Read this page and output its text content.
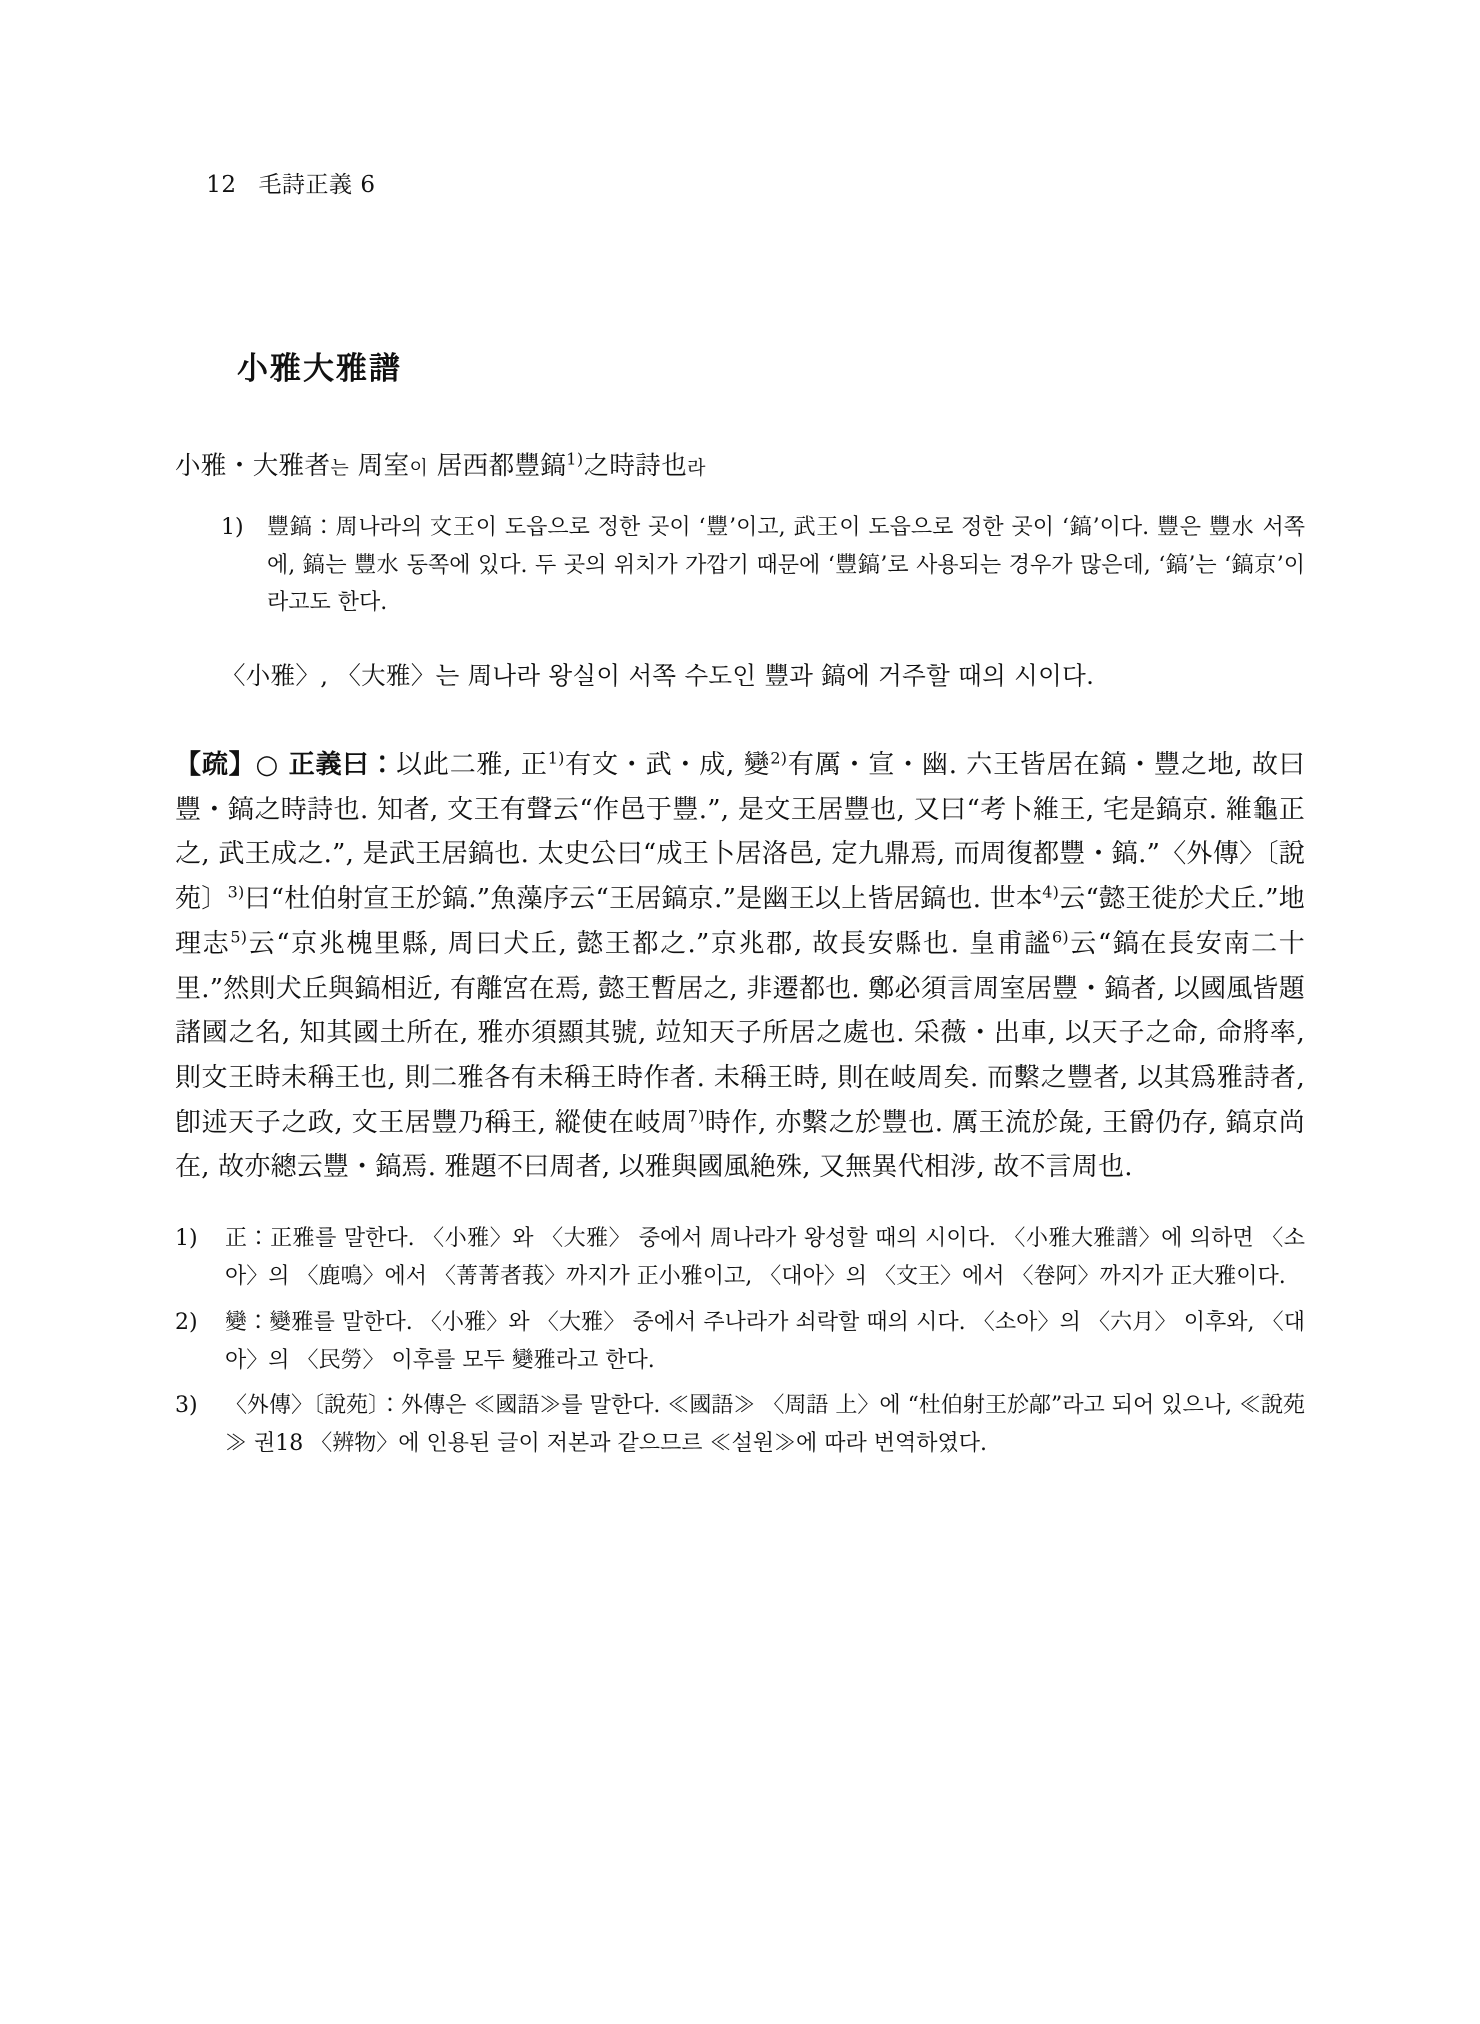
12 毛詩正義 6

小雅大雅譜
小雅・大雅者는 周室이 居西都豐鎬$^{1)}$之時詩也라
1) 豐鎬：周나라의 文王이 도읍으로 정한 곳이 ‘豐’이고, 武王이 도읍으로 정한 곳이 ‘鎬’이다. 豐은 豐水 서쪽에, 鎬는 豐水 동쪽에 있다. 두 곳의 위치가 가깝기 때문에 ‘豐鎬’로 사용되는 경우가 많은데, ‘鎬’는 ‘鎬京’이라고도 한다.
〈小雅〉, 〈大雅〉는 周나라 왕실이 서쪽 수도인 豐과 鎬에 거주할 때의 시이다.
【疏】○ 正義曰：以此二雅, 正$^{1)}$有文・武・成, 變$^{2)}$有厲・宣・幽. 六王皆居在鎬・豐之地, 故曰豐・鎬之時詩也. 知者, 文王有聲云“作邑于豐.”, 是文王居豐也, 又曰“考卜維王, 宅是鎬京. 維龜正之, 武王成之.”, 是武王居鎬也. 太史公曰“成王卜居洛邑, 定九鼎焉, 而周復都豐・鎬.”〈外傳〉〔說苑〕$^{3)}$曰“杜伯射宣王於鎬.”魚藻序云“王居鎬京.”是幽王以上皆居鎬也. 世本$^{4)}$云“懿王徙於犬丘.”地理志$^{5)}$云“京兆槐里縣, 周曰犬丘, 懿王都之.”京兆郡, 故長安縣也. 皇甫謐$^{6)}$云“鎬在長安南二十里.”然則犬丘與鎬相近, 有離宮在焉, 懿王暫居之, 非遷都也. 鄭必須言周室居豐・鎬者, 以國風皆題諸國之名, 知其國土所在, 雅亦須顯其號, 竝知天子所居之處也. 采薇・出車, 以天子之命, 命將率, 則文王時未稱王也, 則二雅各有未稱王時作者. 未稱王時, 則在岐周矣. 而繫之豐者, 以其爲雅詩者, 卽述天子之政, 文王居豐乃稱王, 縱使在岐周$^{7)}$時作, 亦繫之於豐也. 厲王流於彘, 王爵仍存, 鎬京尚在, 故亦總云豐・鎬焉. 雅題不曰周者, 以雅與國風絶殊, 又無異代相涉, 故不言周也.
1)	正：正雅를 말한다. 〈小雅〉와 〈大雅〉 중에서 周나라가 왕성할 때의 시이다. 〈小雅大雅譜〉에 의하면 〈소아〉의 〈鹿鳴〉에서 〈菁菁者莪〉까지가 正小雅이고, 〈대아〉의 〈文王〉에서 〈卷阿〉까지가 正大雅이다.
2)	變：變雅를 말한다. 〈小雅〉와 〈大雅〉 중에서 주나라가 쇠락할 때의 시다. 〈소아〉의 〈六月〉 이후와, 〈대아〉의 〈民勞〉 이후를 모두 變雅라고 한다.
3)	〈外傳〉〔說苑〕：外傳은 ≪國語≫를 말한다. ≪國語≫ 〈周語 上〉에 “杜伯射王於鄗”라고 되어 있으나, ≪說苑≫ 권18 〈辨物〉에 인용된 글이 저본과 같으므르 ≪설원≫에 따라 번역하였다.
